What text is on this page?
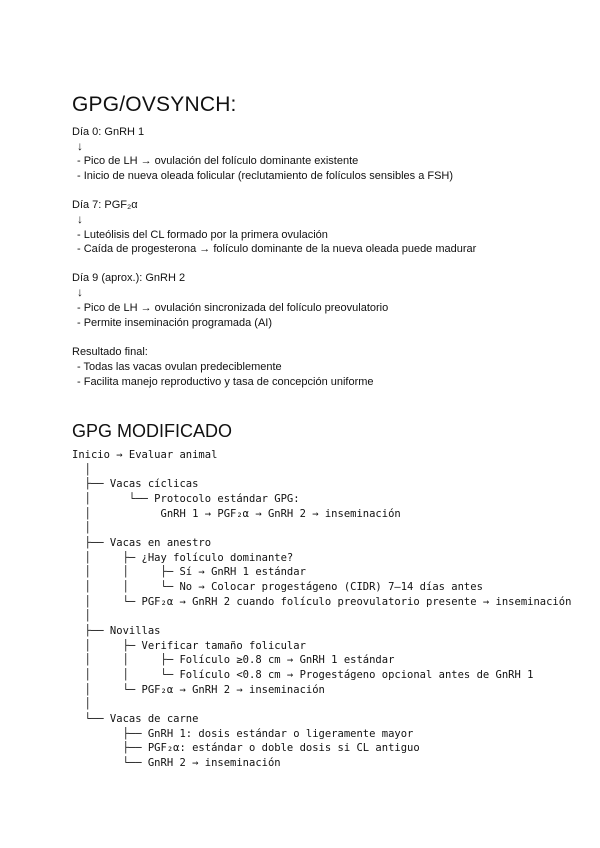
GPG/OVSYNCH:
Día 0: GnRH 1
↓
- Pico de LH → ovulación del folículo dominante existente
- Inicio de nueva oleada folicular (reclutamiento de folículos sensibles a FSH)
Día 7: PGF₂α
↓
- Luteólisis del CL formado por la primera ovulación
- Caída de progesterona → folículo dominante de la nueva oleada puede madurar
Día 9 (aprox.): GnRH 2
↓
- Pico de LH → ovulación sincronizada del folículo preovulatorio
- Permite inseminación programada (AI)
Resultado final:
- Todas las vacas ovulan predeciblemente
- Facilita manejo reproductivo y tasa de concepción uniforme
GPG MODIFICADO
Inicio → Evaluar animal
│
├── Vacas cíclicas
│      └── Protocolo estándar GPG:
│           GnRH 1 → PGF₂α → GnRH 2 → inseminación
│
├── Vacas en anestro
│     ├─ ¿Hay folículo dominante?
│     │     ├─ Sí → GnRH 1 estándar
│     │     └─ No → Colocar progestágeno (CIDR) 7–14 días antes
│     └─ PGF₂α → GnRH 2 cuando folículo preovulatorio presente → inseminación
│
├── Novillas
│     ├─ Verificar tamaño folicular
│     │     ├─ Folículo ≥0.8 cm → GnRH 1 estándar
│     │     └─ Folículo <0.8 cm → Progestágeno opcional antes de GnRH 1
│     └─ PGF₂α → GnRH 2 → inseminación
│
└── Vacas de carne
├── GnRH 1: dosis estándar o ligeramente mayor
├── PGF₂α: estándar o doble dosis si CL antiguo
└── GnRH 2 → inseminación
